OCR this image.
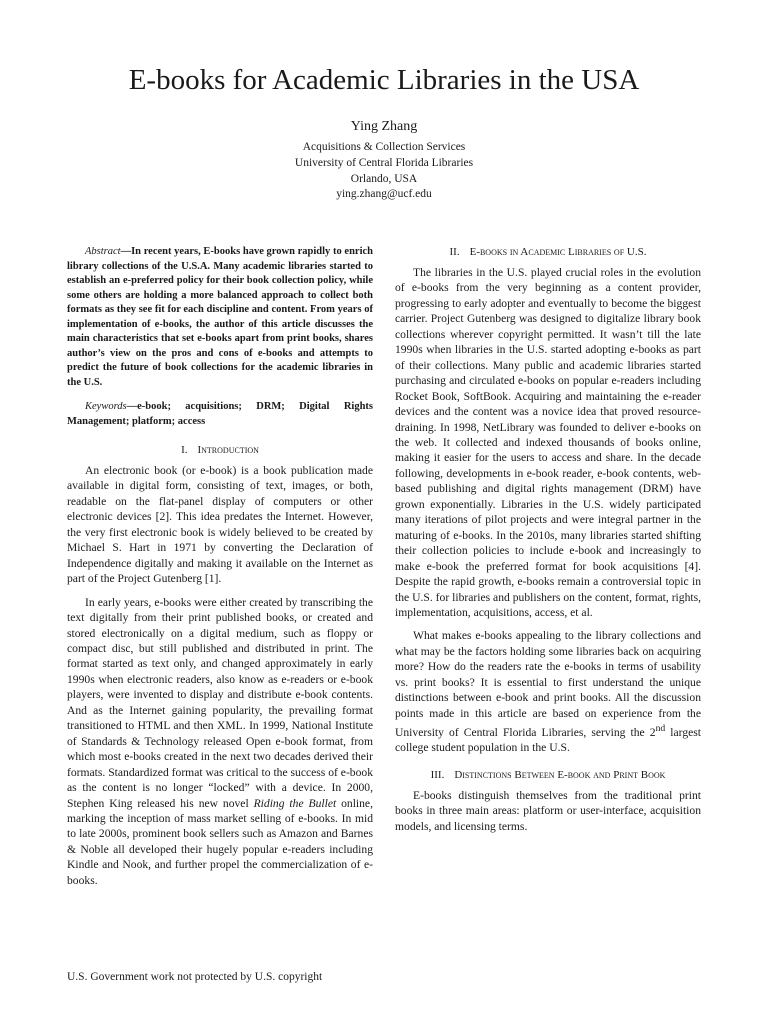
E-books for Academic Libraries in the USA
Ying Zhang
Acquisitions & Collection Services
University of Central Florida Libraries
Orlando, USA
ying.zhang@ucf.edu

Abstract—In recent years, E-books have grown rapidly to enrich library collections of the U.S.A. Many academic libraries started to establish an e-preferred policy for their book collection policy, while some others are holding a more balanced approach to collect both formats as they see fit for each discipline and content. From years of implementation of e-books, the author of this article discusses the main characteristics that set e-books apart from print books, shares author’s view on the pros and cons of e-books and attempts to predict the future of book collections for the academic libraries in the U.S.

Keywords—e-book; acquisitions; DRM; Digital Rights Management; platform; access

I. Introduction

An electronic book (or e-book) is a book publication made available in digital form, consisting of text, images, or both, readable on the flat-panel display of computers or other electronic devices [2]. This idea predates the Internet. However, the very first electronic book is widely believed to be created by Michael S. Hart in 1971 by converting the Declaration of Independence digitally and making it available on the Internet as part of the Project Gutenberg [1].

In early years, e-books were either created by transcribing the text digitally from their print published books, or created and stored electronically on a digital medium, such as floppy or compact disc, but still published and distributed in print. The format started as text only, and changed approximately in early 1990s when electronic readers, also know as e-readers or e-book players, were invented to display and distribute e-book contents. And as the Internet gaining popularity, the prevailing format transitioned to HTML and then XML. In 1999, National Institute of Standards & Technology released Open e-book format, from which most e-books created in the next two decades derived their formats. Standardized format was critical to the success of e-book as the content is no longer “locked” with a device. In 2000, Stephen King released his new novel Riding the Bullet online, marking the inception of mass market selling of e-books. In mid to late 2000s, prominent book sellers such as Amazon and Barnes & Noble all developed their hugely popular e-readers including Kindle and Nook, and further propel the commercialization of e-books.

II. E-books in Academic Libraries of U.S.

The libraries in the U.S. played crucial roles in the evolution of e-books from the very beginning as a content provider, progressing to early adopter and eventually to become the biggest carrier. Project Gutenberg was designed to digitalize library book collections wherever copyright permitted. It wasn’t till the late 1990s when libraries in the U.S. started adopting e-books as part of their collections. Many public and academic libraries started purchasing and circulated e-books on popular e-readers including Rocket Book, SoftBook. Acquiring and maintaining the e-reader devices and the content was a novice idea that proved resource-draining. In 1998, NetLibrary was founded to deliver e-books on the web. It collected and indexed thousands of books online, making it easier for the users to access and share. In the decade following, developments in e-book reader, e-book contents, web-based publishing and digital rights management (DRM) have grown exponentially. Libraries in the U.S. widely participated many iterations of pilot projects and were integral partner in the maturing of e-books. In the 2010s, many libraries started shifting their collection policies to include e-book and increasingly to make e-book the preferred format for book acquisitions [4]. Despite the rapid growth, e-books remain a controversial topic in the U.S. for libraries and publishers on the content, format, rights, implementation, acquisitions, access, et al.

What makes e-books appealing to the library collections and what may be the factors holding some libraries back on acquiring more? How do the readers rate the e-books in terms of usability vs. print books? It is essential to first understand the unique distinctions between e-book and print books. All the discussion points made in this article are based on experience from the University of Central Florida Libraries, serving the 2nd largest college student population in the U.S.

III. Distinctions Between E-book and Print Book

E-books distinguish themselves from the traditional print books in three main areas: platform or user-interface, acquisition models, and licensing terms.

U.S. Government work not protected by U.S. copyright
